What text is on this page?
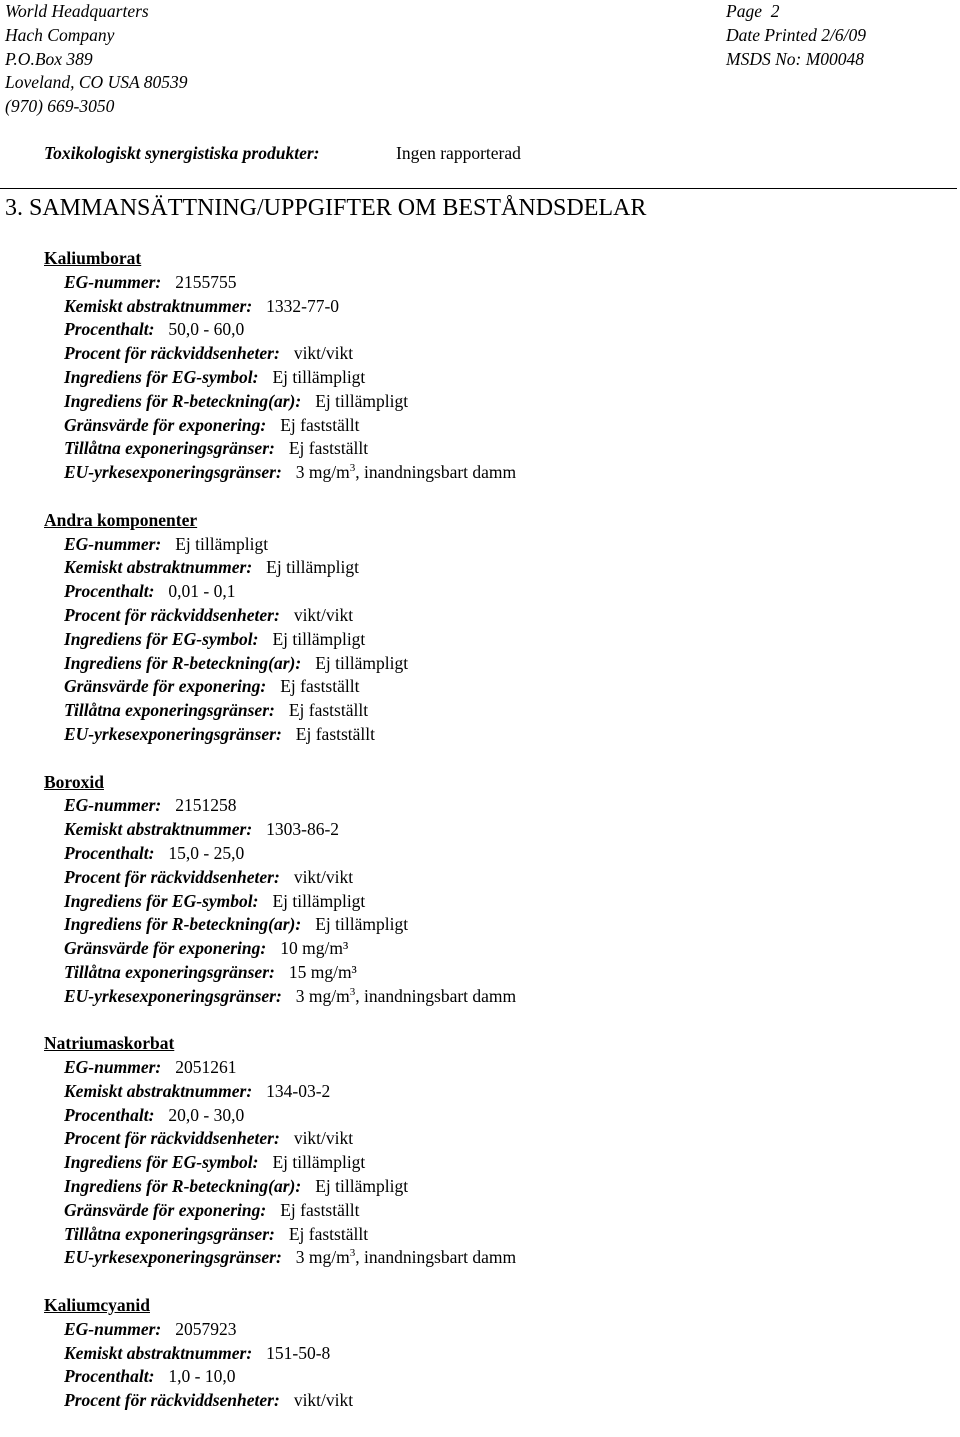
World Headquarters
Hach Company
P.O.Box 389
Loveland, CO USA 80539
(970) 669-3050
Page  2
Date Printed 2/6/09
MSDS No: M00048
Toxikologiskt synergistiska produkter:	Ingen rapporterad
3. SAMMANSÄTTNING/UPPGIFTER OM BESTÅNDSDELAR
Kaliumborat
EG-nummer: 2155755
Kemiskt abstraktnummer: 1332-77-0
Procenthalt: 50,0 - 60,0
Procent för räckviddsenheter: vikt/vikt
Ingrediens för EG-symbol: Ej tillämpligt
Ingrediens för R-beteckning(ar): Ej tillämpligt
Gränsvärde för exponering: Ej fastställt
Tillåtna exponeringsgränser: Ej fastställt
EU-yrkesexponeringsgränser: 3 $mg/m^3$, inandningsbart damm
Andra komponenter
EG-nummer: Ej tillämpligt
Kemiskt abstraktnummer: Ej tillämpligt
Procenthalt: 0,01 - 0,1
Procent för räckviddsenheter: vikt/vikt
Ingrediens för EG-symbol: Ej tillämpligt
Ingrediens för R-beteckning(ar): Ej tillämpligt
Gränsvärde för exponering: Ej fastställt
Tillåtna exponeringsgränser: Ej fastställt
EU-yrkesexponeringsgränser: Ej fastställt
Boroxid
EG-nummer: 2151258
Kemiskt abstraktnummer: 1303-86-2
Procenthalt: 15,0 - 25,0
Procent för räckviddsenheter: vikt/vikt
Ingrediens för EG-symbol: Ej tillämpligt
Ingrediens för R-beteckning(ar): Ej tillämpligt
Gränsvärde för exponering: 10 mg/m³
Tillåtna exponeringsgränser: 15 mg/m³
EU-yrkesexponeringsgränser: 3 $mg/m^3$, inandningsbart damm
Natriumaskorbat
EG-nummer: 2051261
Kemiskt abstraktnummer: 134-03-2
Procenthalt: 20,0 - 30,0
Procent för räckviddsenheter: vikt/vikt
Ingrediens för EG-symbol: Ej tillämpligt
Ingrediens för R-beteckning(ar): Ej tillämpligt
Gränsvärde för exponering: Ej fastställt
Tillåtna exponeringsgränser: Ej fastställt
EU-yrkesexponeringsgränser: 3 $mg/m^3$, inandningsbart damm
Kaliumcyanid
EG-nummer: 2057923
Kemiskt abstraktnummer: 151-50-8
Procenthalt: 1,0 - 10,0
Procent för räckviddsenheter: vikt/vikt
